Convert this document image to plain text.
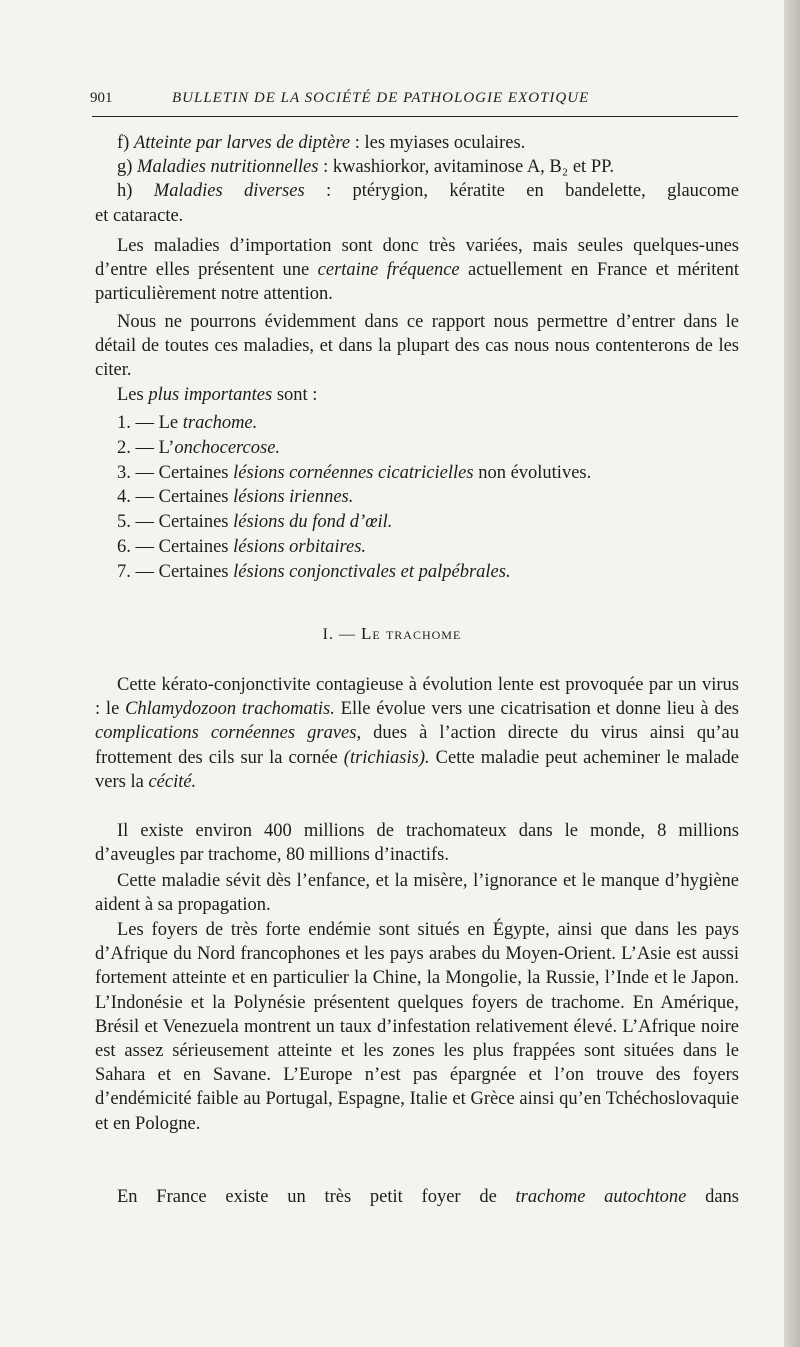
901	BULLETIN DE LA SOCIÉTÉ DE PATHOLOGIE EXOTIQUE

f) Atteinte par larves de diptère : les myiases oculaires.

g) Maladies nutritionnelles : kwashiorkor, avitaminose A, B₂ et PP.

h) Maladies diverses : ptérygion, kératite en bandelette, glaucome

et cataracte.

Les maladies d’importation sont donc très variées, mais seules quelques-unes d’entre elles présentent une certaine fréquence actuellement en France et méritent particulièrement notre attention.

Nous ne pourrons évidemment dans ce rapport nous permettre d’entrer dans le détail de toutes ces maladies, et dans la plupart des cas nous nous contenterons de les citer.

Les plus importantes sont :

1. — Le trachome.

2. — L’onchocercose.

3. — Certaines lésions cornéennes cicatricielles non évolutives.

4. — Certaines lésions iriennes.

5. — Certaines lésions du fond d’œil.

6. — Certaines lésions orbitaires.

7. — Certaines lésions conjonctivales et palpébrales.

I. — Le trachome

Cette kérato-conjonctivite contagieuse à évolution lente est provoquée par un virus : le Chlamydozoon trachomatis. Elle évolue vers une cicatrisation et donne lieu à des complications cornéennes graves, dues à l’action directe du virus ainsi qu’au frottement des cils sur la cornée (trichiasis). Cette maladie peut acheminer le malade vers la cécité.

Il existe environ 400 millions de trachomateux dans le monde, 8 millions d’aveugles par trachome, 80 millions d’inactifs.

Cette maladie sévit dès l’enfance, et la misère, l’ignorance et le manque d’hygiène aident à sa propagation.

Les foyers de très forte endémie sont situés en Égypte, ainsi que dans les pays d’Afrique du Nord francophones et les pays arabes du Moyen-Orient. L’Asie est aussi fortement atteinte et en particulier la Chine, la Mongolie, la Russie, l’Inde et le Japon. L’Indonésie et la Polynésie présentent quelques foyers de trachome. En Amérique, Brésil et Venezuela montrent un taux d’infestation relativement élevé. L’Afrique noire est assez sérieusement atteinte et les zones les plus frappées sont situées dans le Sahara et en Savane. L’Europe n’est pas épargnée et l’on trouve des foyers d’endémicité faible au Portugal, Espagne, Italie et Grèce ainsi qu’en Tchéchoslovaquie et en Pologne.

En France existe un très petit foyer de trachome autochtone dans
